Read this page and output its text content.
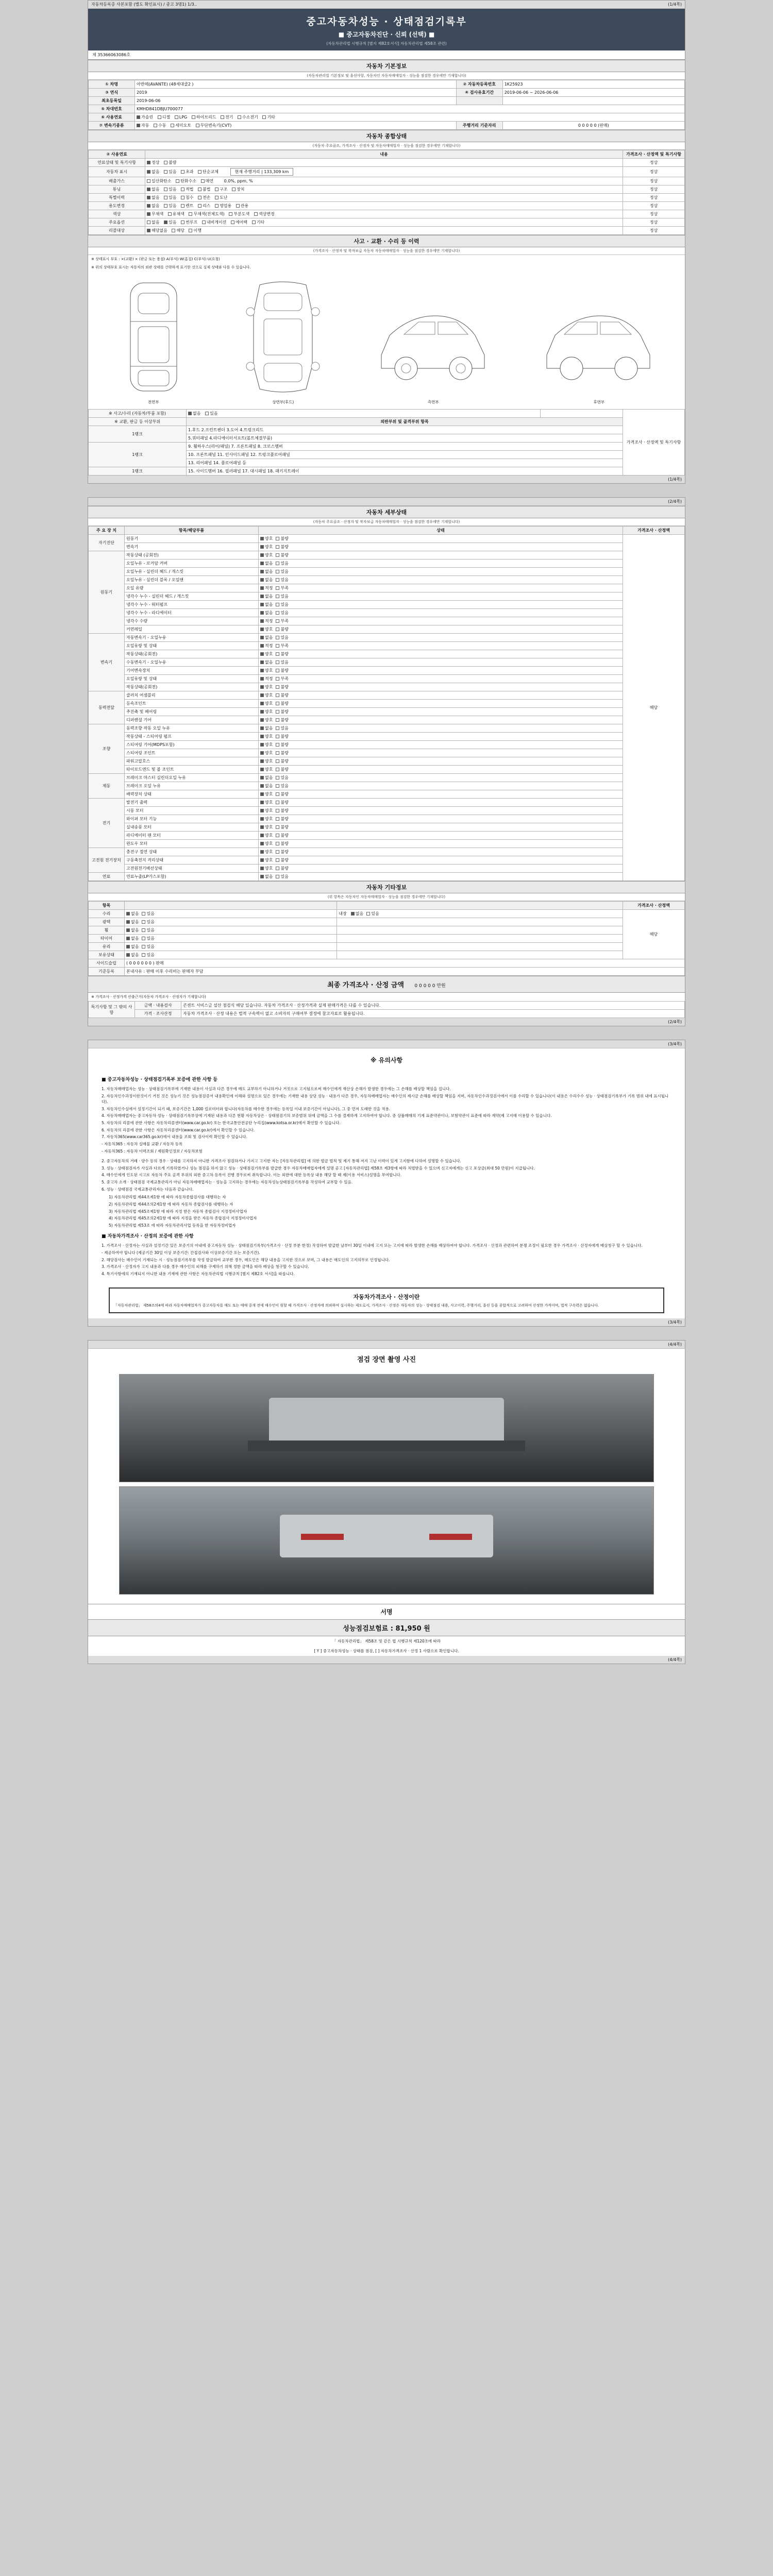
자동차등록증 사본포함 (별도 확인표시) / 중고 3명1) 1/3..	(1/4쪽)
중고자동차성능 · 상태점검기록부
■ 중고자동차진단 · 신뢰 (선택) ■
(자동차관리법 시행규칙 [별지 제82호서식] 자동차관리법 제58조 관련)
제 35366063086호
자동차 기본정보
(자동차관리법 기본정보 및 옵션사항, 자동차인 자동차매매업자 · 성능을 점검한 경우에만 기재합니다)
① 차명	아반떼(AVANTE) (48세대클2 )	② 자동차등록번호	1K25923
③ 연식	2019	④ 검사유효기간	2019-06-06 ~ 2026-06-06
최초등록일	2019-06-06		
⑤ 차대번호	KMHD841DBJU700077		
⑥ 사용연료	가솔린 디젤 LPG 하이브리드 전기 수소전기 기타		
⑦ 변속기종류	자동 수동 세미오토 무단변속기(CVT)	주행거리 기준자리	0 0 0 0 0 (판매)
자동차 종합상태
(자동차 주요골조, 가격조사 · 산정자 및 자동차매매업자 · 성능을 점검한 경우에만 기재합니다)
② 사용연료	내용	가격조사 · 산정액 및 특기사항
연료상태 및 특기사항	정상 불량	정상
자동차 표시	없음 있음 초과 단순교체 현재 주행거리 | 133,309 km	정상
배출가스	일산화탄소 탄화수소 매연 0.0%, ppm, %	정상
튜닝	없음 있음 적법 불법 구조 장치	정상
특별이력	없음 있음 침수 전손 도난	정상
용도변경	없음 있음 렌트 리스 영업용 관용	정상
색상	무채색 유채색 무채색(전체도색) 부분도색 색상변경	정상
주요옵션	없음 있음 썬루프 내비게이션 에어백 기타	정상
리콜대상	해당없음 해당 이행	정상
사고 · 교환 · 수리 등 이력
(가격조사 · 산정자 및 북자보급 자동차 자동차매매업자 · 성능을 점검한 경우에만 기재합니다)
※ 상태표시 부호 : ×(교환) × (판금 또는 용접) A(부식) W(흠집) C(부식) U(요철)
※ 위의 상태부호 표시는 자동차의 외관 상태를 간략하게 표기한 것으로 실제 상태와 다를 수 있습니다.
전면부	상면부(후드)	측면부	후면부
※ 사고/수리 (자동차/부품 포함)	없음 있음		가격조사 · 산정액 및 특기사항
※ 교환, 판금 등 이상부위	외판부위 및 골격부위 항목		
1랭크	1.후드 2.프런트펜더 3.도어 4.트렁크리드		
	5.쿼터패널 4.라디에이터서포트(볼트체결부품)		
1랭크	9. 휠하우스(리어/패널) 7. 프론트패널 8. 크로스멤버		
	10. 프론트패널 11. 인사이드패널 12. 트렁크플로어패널		
	13. 리어패널 14. 플로어패널 등		
1랭크	15. 사이드멤버 16. 필러패널 17. 대시패널 18. 패키지트레이		
(1/4쪽)
(2/4쪽)
자동차 세부상태
(자동차 주요골조 · 산정자 및 북자보급 자동차매매업자 · 성능을 점검한 경우에만 기재합니다)
주 요 장 치	항목/해당부품	상태	가격조사 · 산정액
자기진단	원동기	양호 불량	해당
	변속기	양호 불량	
원동기	작동상태 (공회전)	양호 불량	
	오일누유 - 로커암 커버	없음 있음	
	오일누유 - 실린더 헤드 / 개스킷	없음 있음	
	오일누유 - 실린더 블록 / 오일팬	없음 있음	
	오일 유량	적정 부족	
	냉각수 누수 - 실린더 헤드 / 개스킷	없음 있음	
	냉각수 누수 - 워터펌프	없음 있음	
	냉각수 누수 - 라디에이터	없음 있음	
	냉각수 수량	적정 부족	
	커먼레일	양호 불량	
변속기	자동변속기 - 오일누유	없음 있음	
	오일유량 및 상태	적정 부족	
	작동상태(공회전)	양호 불량	
	수동변속기 - 오일누유	없음 있음	
	기어변속장치	양호 불량	
	오일유량 및 상태	적정 부족	
	작동상태(공회전)	양호 불량	
동력전달	클러치 어셈블리	양호 불량	
	등속조인트	양호 불량	
	추진축 및 베어링	양호 불량	
	디퍼렌셜 기어	양호 불량	
조향	동력조향 작동 오일 누유	없음 있음	
	작동상태 - 스티어링 펌프	양호 불량	
	스티어링 기어(MDPS포함)	양호 불량	
	스티어링 조인트	양호 불량	
	파워고압호스	양호 불량	
	타이로드엔드 및 볼 조인트	양호 불량	
제동	브레이크 마스터 실린더오일 누유	없음 있음	
	브레이크 오일 누유	없음 있음	
	배력장치 상태	양호 불량	
전기	발전기 출력	양호 불량	
	시동 모터	양호 불량	
	와이퍼 모터 기능	양호 불량	
	실내송풍 모터	양호 불량	
	라디에이터 팬 모터	양호 불량	
	윈도우 모터	양호 불량	
고전원 전기장치	충전구 절연 상태	양호 불량	
	구동축전지 격리상태	양호 불량	
	고전원전기배선상태	양호 불량	
연료	연료누출(LP가스포함)	없음 있음	
자동차 기타정보
(위 항목은 자동차인 자동차매매업자 · 성능을 점검한 경우에만 기재합니다)
항목			가격조사 · 산정액
수리	없음 있음	내장 없음 있음	해당
광택	없음 있음		
휠	없음 있음		
타이어	없음 있음		
유리	없음 있음		
보유상태	없음 있음		
사이드슬립	( 0 0 0 0 0 0 ) 판매		
기준등록	본내사유 : 판매 이후 수리비는 판매자 부담		
최종 가격조사 · 산정 금액 0 0 0 0 0 만원
※ 가격조사 · 산정가격 산출근거(자동차 가격조사 · 산정자가 기재합니다)
특기사항 및 그 밖의 사항	금액 · 내용검사	콘센트 서비스금 설산 점검식 해당 있습니다. 자동차 가격조사 · 산정가격과 실제 판매가격은 다를 수 있습니다.
	가격 · 조사산정	자동차 가격조사 · 산정 내용은 법적 구속력이 없고 소비자의 구매여부 결정에 참고자료로 활용됩니다.
(2/4쪽)
(3/4쪽)
※ 유의사항
■ 중고자동차성능 · 상태점검기록부 보증에 관한 사항 등

1. 자동차매매업자는 성능 · 상태점검기록부에 기재한 내용이 사실과 다른 경우에 매도 교부하기 아니하거나 거짓으로 고지됨으로써 매수인에게 재산상 손해가 발생한 경우에는 그 손해를 배상할 책임을 집니다.

2. 자동차인수과정이란것이기 거친 것은 성능기 것은 성능점검증서 내용확인에 이해와 설명으로 있은 경우에는 기재한 내용 상당 성능 · 내용가 다른 경우, 자동차매매업자는 매수인의 제시금 손해를 배상할 책임을 지며, 자동차인수과정검사에서 이를 수리할 수 있습니다(이 내용은 수리수수 성능 · 상태점검기록부가 기록 범위 내에 표시됩니다).

3. 자동차인수실에서 설정기간이 되기 때, 보증기간은 1,000 킬로미터와 합니다(자동차를 매수한 경우에는 등록일 이내 보증기간이 아닙니다), 그 중 먼저 도래한 것을 적용.

4. 자동차매매업자는 중고자동차 성능 · 상태점검기록부상에 기재된 내용과 다른 현황 자동차상은 · 상태점검기의 보증범위 위에 금액을 그 수를 결제하게 고지하여야 합니다. 중 상품매매의 기계 표준약관이나, 보험약관이 표준에 따라 계약(제 고지에 이용할 수 있습니다.

5. 자동차의 리콜에 관한 사항은 자동차리콜센터(www.car.go.kr) 또는 한국교통안전공단 누리집(www.kotsa.or.kr)에서 확인할 수 있습니다.

6. 자동차의 리콜에 관한 사항은 자동차리콜센터(www.car.go.kr)에서 확인할 수 있습니다.

7. 자동차365(www.car365.go.kr)에서 내용을 조회 및 검사이력 확인할 수 있습니다.

- 자동차365 : 자동차 실매물 교환 / 자동차 등록

- 자동차365 : 자동차 이력조회 / 제원확인정보 / 자동차보험

2. 중고자동차의 거래 · 양수 등의 경우 · 상태를 고지하지 아니한 가격조사 점검하거나 가지고 고지한 자는 [자동차관리법] 에 의한 벌금 벌칙 및 제기 통해 저지 고난 이력이 있게 고지함에 다하여 설명할 수 있습니다.

3. 성능 · 상태점검자가 사실과 다르게 기록하였거나 성능 점검을 하지 않고 성능 · 상태점검기록부를 발급한 경우 자동차매매업자에게 설명 공고 [자동차관리법] 제58조 제3항에 따라 처벌받을 수 있으며 신고자에게는 신고 포상금(최대 50 만원)이 지급됩니다.

4. 매수인에게 인도된 시고로 자동차 주요 골격 부위의 외판 중고차 등록이 진행 경우로써 취득합니다. 이는 외판에 대한 등록상 내용 해당 할 때 제(이용 서비스)설명을 부여합니다.

5. 중고차 소개 · 상태점검 국제교통관리가 아닌 자동차매매업자는 · 성능을 고지하는 경우에는 자동차성능상태점검기록부를 작성하여 교부할 수 있음.

6. 성능 · 상태점검 국제교통관리자는 다음과 같습니다.

1) 자동차관리법 제44조제1항 에 따라 자동차종합검사를 대행하는 자

2) 자동차관리법 제44조의2제1항 에 따라 자동차 종합검사를 대행하는 자

3) 자동차관리법 제45조제1항 에 따라 지정 받은 자동차 종합검사 지정정비사업자

4) 자동차관리법 제45조의2제1항 에 따라 지정을 받은 자동차 종합검사 지정정비사업자

5) 자동차관리법 제53조 에 따라 자동차관리사업 등록을 한 자동차정비업자

■ 자동차가격조사 · 산정의 보증에 관한 사항

1. 가격조사 · 산정자는 사실과 설정기간 있은 보증기의 아내에 중고자동차 성능 · 상태점검기록부(가격조사 · 산정 부분 한정) 작성하여 발급한 날부터 30일 이내에 고지 또는 고지에 따라 발생한 손해를 배상하여야 합니다. 가격조사 · 산정과 관련하여 분쟁 조정이 필요한 경우 가격조사 · 산정자에게 배상청구 할 수 있습니다.

- 제공하여야 합니다 (제공기간 30일 이상 보증기간: 간접검사와 이상보증기간 또는 보증기간).

2. 해당검사는 매수인이 기재되는 시 · 성능점검기록부를 작성 발급하여 교부한 경우, 매도인은 해당 내용을 고지한 것으로 보며, 그 내용은 매도인의 고지의무로 인정됩니다.

3. 가격조사 · 산정자가 고지 내용과 다를 경우 매수인의 피해를 구제하기 위해 정한 금액을 따라 배상을 청구할 수 있습니다.

4. 특기사항에의 기재되지 아니한 내용 기재에 관한 사항은 자동차관리법 시행규칙 [별지 제82호 서식]을 따릅니다.

자동차가격조사 · 산정이란
「자동차관리법」 제58조의4에 따라 자동차매매업자가 중고자동차를 매도 또는 매매 중개 전에 매수인이 원할 때 가격조사 · 산정자에 의뢰하여 실시하는 제도로서, 가격조사 · 산정은 자동차의 성능 · 상태점검 내용, 사고이력, 주행거리, 옵션 등을 종합적으로 고려하여 산정한 가격이며, 법적 구속력은 없습니다.
(3/4쪽)
(4/4쪽)
점검 장면 촬영 사진
서명
성능점검보험료 : 81,950 원
「 자동차관리법」 제58조 및 같은 법 시행규칙 제120조에 따라
[ Y ] 중고자동차성능 · 상태를 점검, [ ] 자동차가격조사 · 산정 1 사람으로 확인합니다.
(4/4쪽)
